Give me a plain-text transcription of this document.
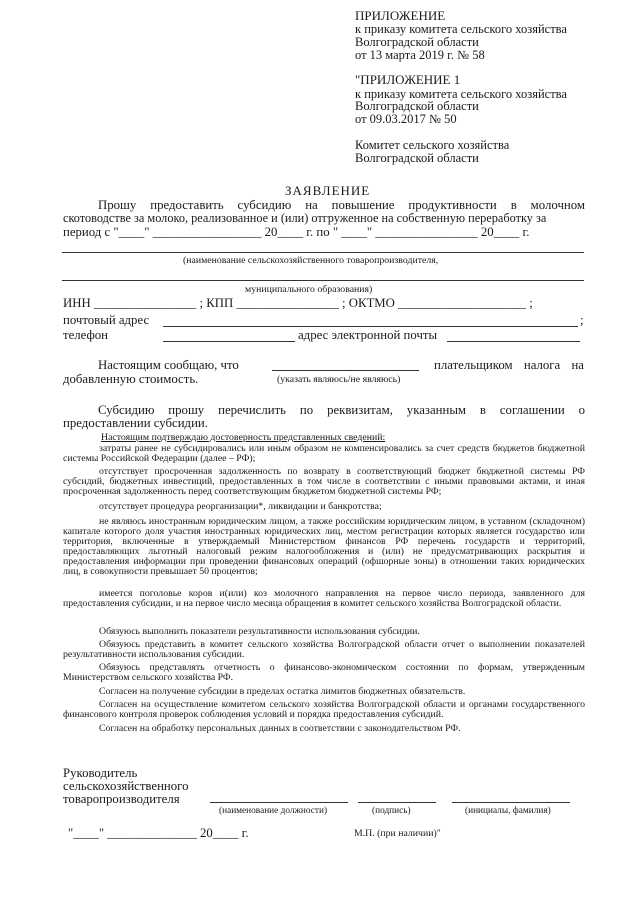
ПРИЛОЖЕНИЕ
к приказу комитета сельского хозяйства
Волгоградской области
от 13 марта 2019 г. № 58
"ПРИЛОЖЕНИЕ 1
к приказу комитета сельского хозяйства
Волгоградской области
от 09.03.2017 № 50
Комитет сельского хозяйства
Волгоградской области
ЗАЯВЛЕНИЕ
Прошу предоставить субсидию на повышение продуктивности в молочном
скотоводстве за молоко, реализованное и (или) отгруженное на собственную переработку за
период с "____" _________________ 20____ г. по " ____" ________________ 20____ г.
(наименование сельскохозяйственного товаропроизводителя,
муниципального образования)
ИНН ________________ ; КПП ________________ ; ОКТМО ____________________ ;
почтовый адрес	;
телефон	адрес электронной почты
Настоящим сообщаю, что	плательщиком налога на
добавленную стоимость.	(указать являюсь/не являюсь)
Субсидию прошу перечислить по реквизитам, указанным в соглашении о
предоставлении субсидии.
Настоящим подтверждаю достоверность представленных сведений:
затраты ранее не субсидировались или иным образом не компенсировались за счет средств бюджетов бюджетной системы Российской Федерации (далее – РФ);
отсутствует просроченная задолженность по возврату в соответствующий бюджет бюджетной системы РФ субсидий, бюджетных инвестиций, предоставленных в том числе в соответствии с иными правовыми актами, и иная просроченная задолженность перед соответствующим бюджетом бюджетной системы РФ;
отсутствует процедура реорганизации*, ликвидации и банкротства;
не являюсь иностранным юридическим лицом, а также российским юридическим лицом, в уставном (складочном) капитале которого доля участия иностранных юридических лиц, местом регистрации которых является государство или территория, включенные в утверждаемый Министерством финансов РФ перечень государств и территорий, предоставляющих льготный налоговый режим налогообложения и (или) не предусматривающих раскрытия и предоставления информации при проведении финансовых операций (офшорные зоны) в отношении таких юридических лиц, в совокупности превышает 50 процентов;
имеется поголовье коров и(или) коз молочного направления на первое число периода, заявленного для предоставления субсидии, и на первое число месяца обращения в комитет сельского хозяйства Волгоградской области.
Обязуюсь выполнить показатели результативности использования субсидии.
Обязуюсь представить в комитет сельского хозяйства Волгоградской области отчет о выполнении показателей результативности использования субсидии.
Обязуюсь представлять отчетность о финансово-экономическом состоянии по формам, утвержденным Министерством сельского хозяйства РФ.
Согласен на получение субсидии в пределах остатка лимитов бюджетных обязательств.
Согласен на осуществление комитетом сельского хозяйства Волгоградской области и органами государственного финансового контроля проверок соблюдения условий и порядка предоставления субсидий.
Согласен на обработку персональных данных в соответствии с законодательством РФ.
Руководитель
сельскохозяйственного
товаропроизводителя
(наименование должности)	(подпись)	(инициалы, фамилия)
"____" ______________ 20____ г.	М.П. (при наличии)"
